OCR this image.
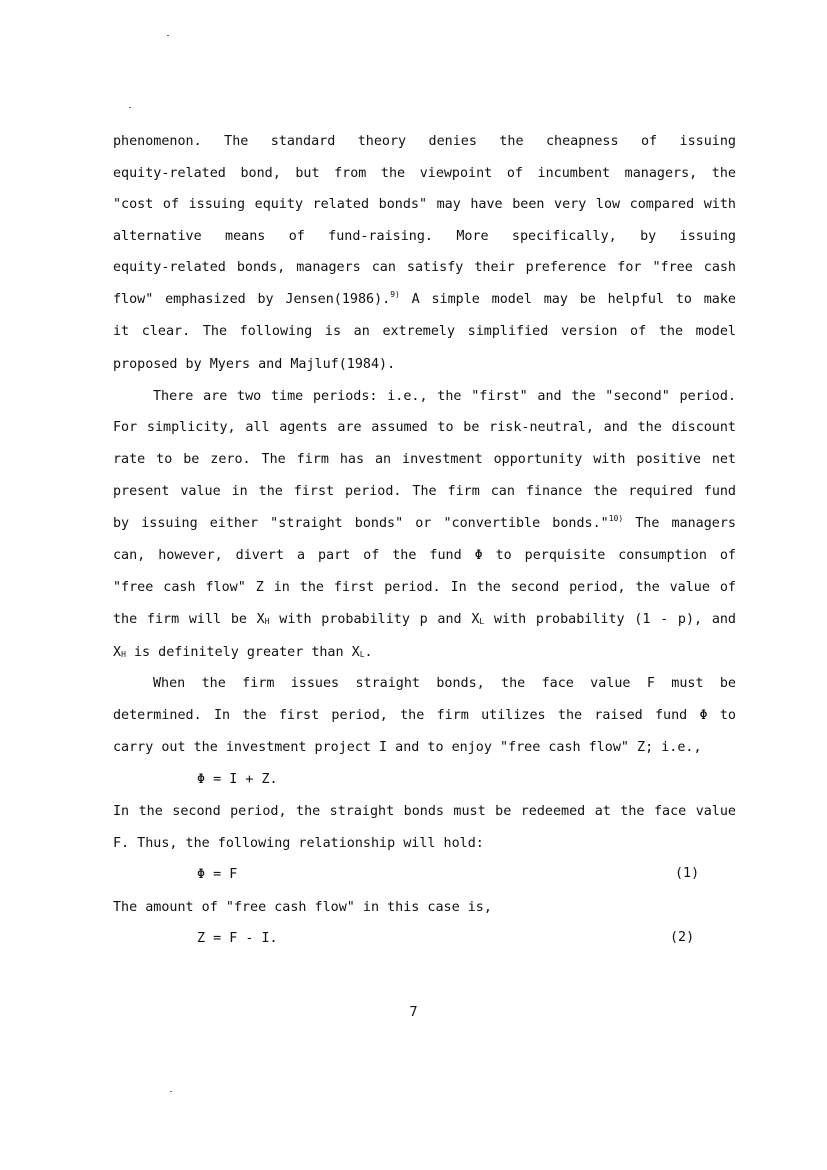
phenomenon. The standard theory denies the cheapness of issuing

equity-related bond, but from the viewpoint of incumbent managers, the

"cost of issuing equity related bonds" may have been very low compared with

alternative means of fund-raising. More specifically, by issuing

equity-related bonds, managers can satisfy their preference for "free cash

flow" emphasized by Jensen(1986).$^{9)}$ A simple model may be helpful to make

it clear. The following is an extremely simplified version of the model

proposed by Myers and Majluf(1984).

There are two time periods: i.e., the "first" and the "second" period.

For simplicity, all agents are assumed to be risk-neutral, and the discount

rate to be zero. The firm has an investment opportunity with positive net

present value in the first period. The firm can finance the required fund

by issuing either "straight bonds" or "convertible bonds."$^{10)}$ The managers

can, however, divert a part of the fund Φ to perquisite consumption of

"free cash flow" Z in the first period. In the second period, the value of

the firm will be $X_H$ with probability p and $X_L$ with probability (1 - p), and

$X_H$ is definitely greater than $X_L$.

When the firm issues straight bonds, the face value F must be

determined. In the first period, the firm utilizes the raised fund Φ to

carry out the investment project I and to enjoy "free cash flow" Z; i.e.,

Φ = I + Z.

In the second period, the straight bonds must be redeemed at the face value

F. Thus, the following relationship will hold:

Φ = F	(1)

The amount of "free cash flow" in this case is,

Z = F - I.	(2)
7
